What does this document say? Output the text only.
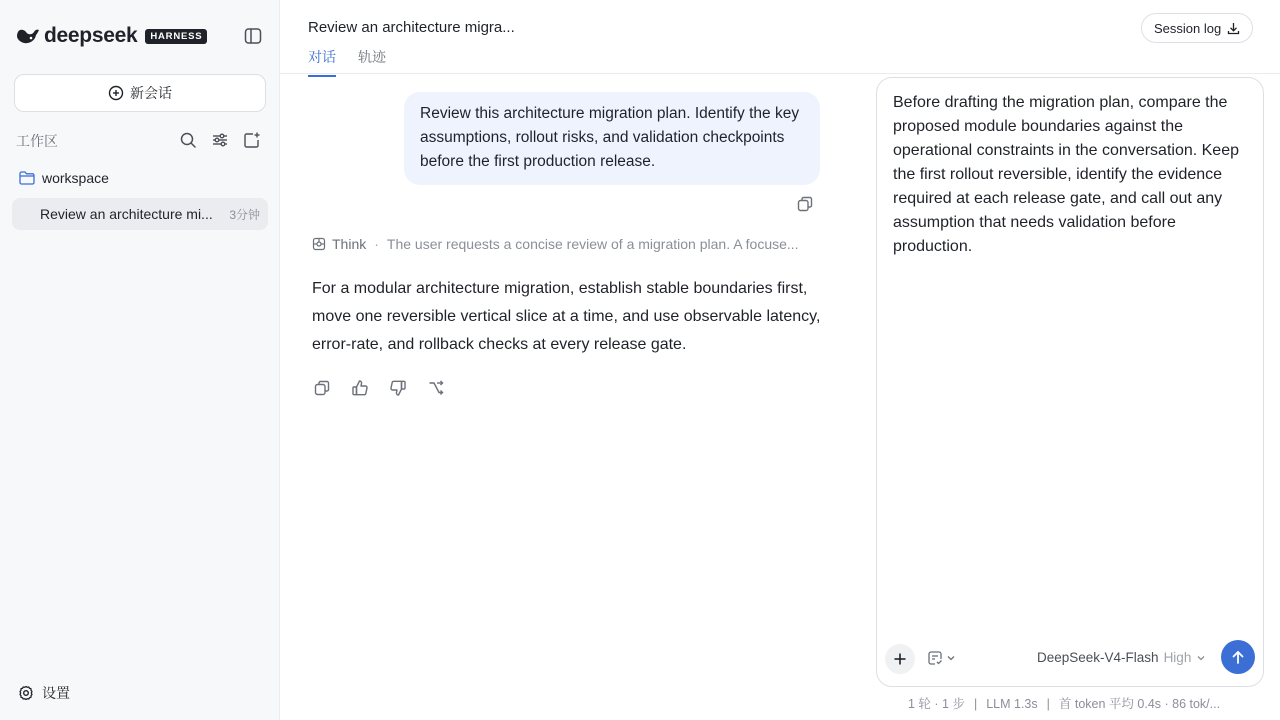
deepseek	HARNESS
新会话
工作区
workspace
Review an architecture mi...	3分钟
设置
Review an architecture migra...
对话 轨迹
Session log
Review this architecture migration plan. Identify the key assumptions, rollout risks, and validation checkpoints before the first production release.
Think · The user requests a concise review of a migration plan. A focuse...
For a modular architecture migration, establish stable boundaries first, move one reversible vertical slice at a time, and use observable latency, error-rate, and rollback checks at every release gate.
Before drafting the migration plan, compare the proposed module boundaries against the operational constraints in the conversation. Keep the first rollout reversible, identify the evidence required at each release gate, and call out any assumption that needs validation before production.
DeepSeek-V4-Flash High
1 轮 · 1 步 | LLM 1.3s | 首 token 平均 0.4s · 86 tok/...
